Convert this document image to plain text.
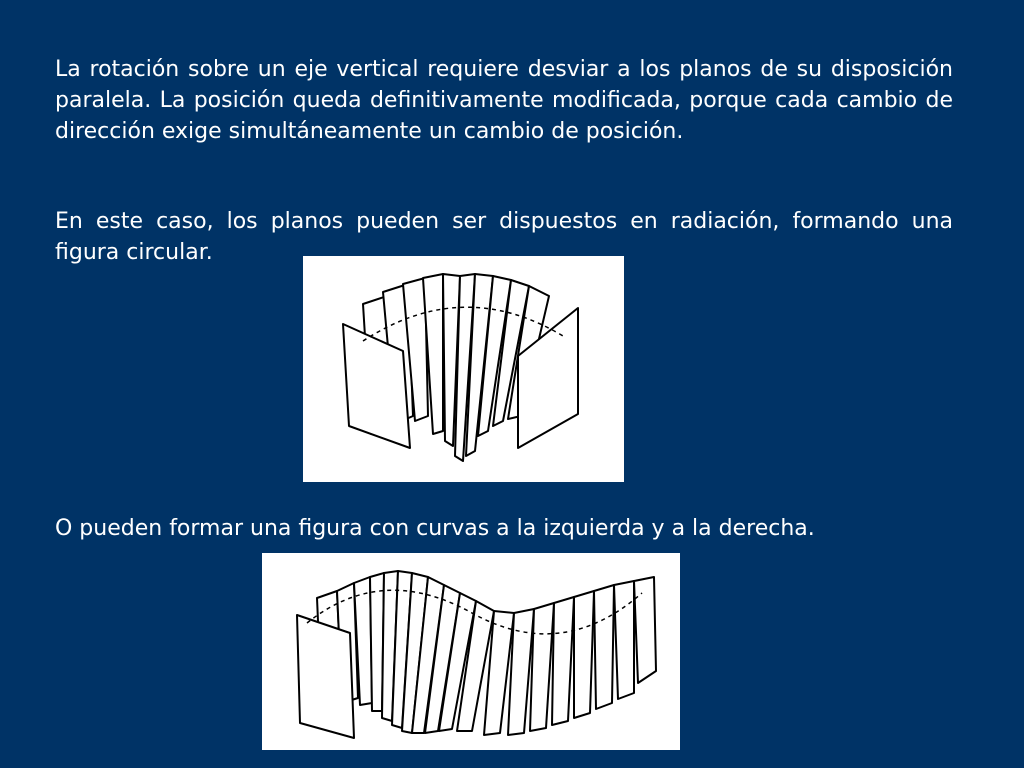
La rotación sobre un eje vertical requiere desviar a los planos de su disposición paralela. La posición queda definitivamente modificada, porque cada cambio de dirección exige simultáneamente un cambio de posición.

En este caso, los planos pueden ser dispuestos en radiación, formando una figura circular.

O pueden formar una figura con curvas a la izquierda y a la derecha.
